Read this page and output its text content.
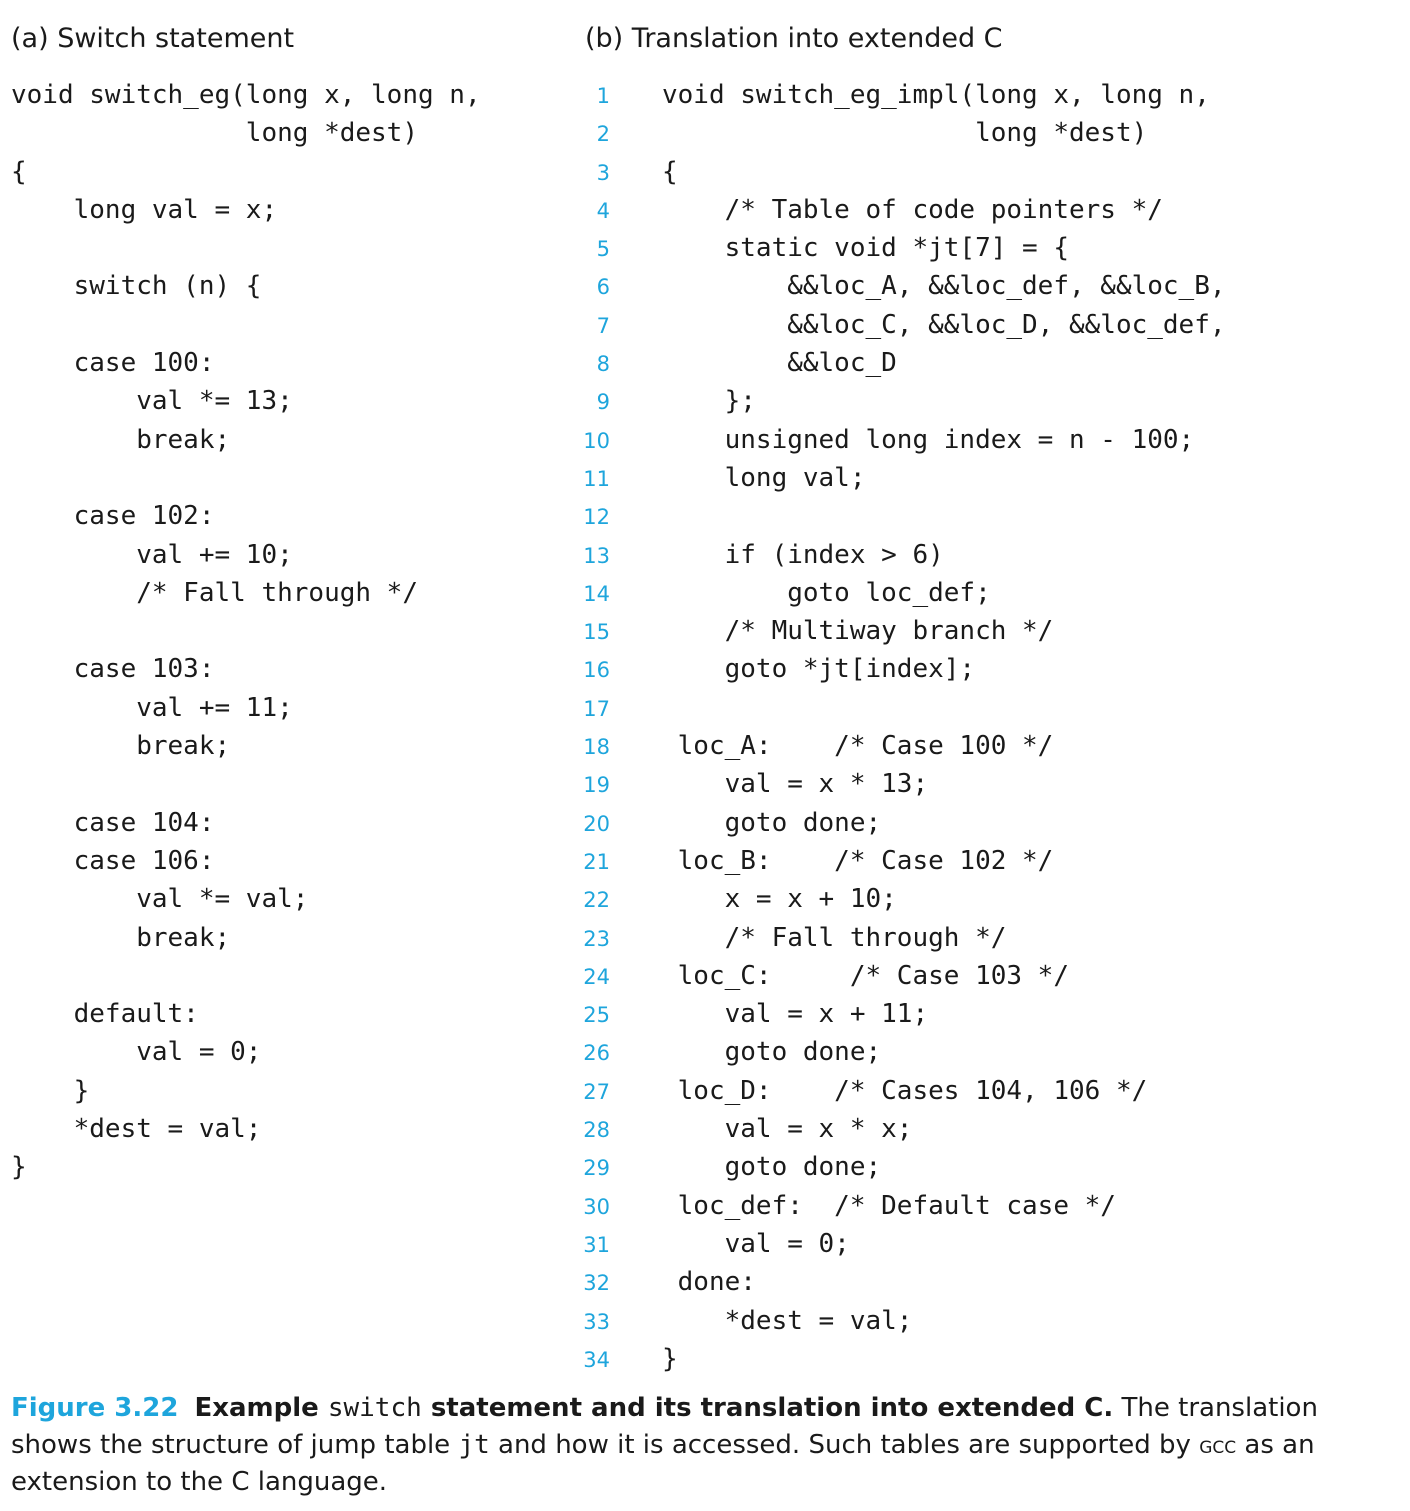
(a) Switch statement	(b) Translation into extended C
void switch_eg(long x, long n,
long *dest)
{
long val = x;
switch (n) {
case 100:
val *= 13;
break;
case 102:
val += 10;
/* Fall through */
case 103:
val += 11;
break;
case 104:
case 106:
val *= val;
break;
default:
val = 0;
}
*dest = val;
}
1 void switch_eg_impl(long x, long n,
2                    long *dest)
3 {
4    /* Table of code pointers */
5    static void *jt[7] = {
6        &&loc_A, &&loc_def, &&loc_B,
7        &&loc_C, &&loc_D, &&loc_def,
8        &&loc_D
9    };
10    unsigned long index = n - 100;
11    long val;
12
13    if (index > 6)
14        goto loc_def;
15    /* Multiway branch */
16    goto *jt[index];
17
18 loc_A:    /* Case 100 */
19    val = x * 13;
20    goto done;
21 loc_B:    /* Case 102 */
22    x = x + 10;
23    /* Fall through */
24 loc_C:     /* Case 103 */
25    val = x + 11;
26    goto done;
27 loc_D:    /* Cases 104, 106 */
28    val = x * x;
29    goto done;
30 loc_def:  /* Default case */
31    val = 0;
32 done:
33    *dest = val;
34 }

Figure 3.22 Example switch statement and its translation into extended C. The translation shows the structure of jump table jt and how it is accessed. Such tables are supported by gcc as an extension to the C language.
